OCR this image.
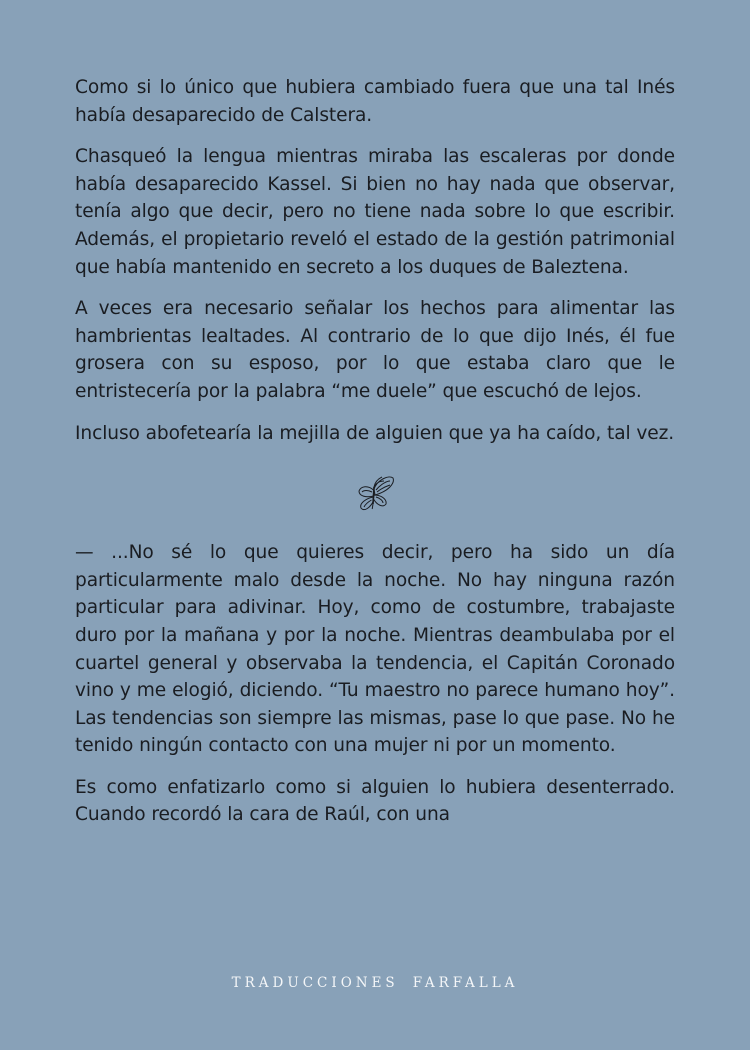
Como si lo único que hubiera cambiado fuera que una tal Inés había desaparecido de Calstera.

Chasqueó la lengua mientras miraba las escaleras por donde había desaparecido Kassel. Si bien no hay nada que observar, tenía algo que decir, pero no tiene nada sobre lo que escribir. Además, el propietario reveló el estado de la gestión patrimonial que había mantenido en secreto a los duques de Baleztena.

A veces era necesario señalar los hechos para alimentar las hambrientas lealtades. Al contrario de lo que dijo Inés, él fue grosera con su esposo, por lo que estaba claro que le entristecería por la palabra “me duele” que escuchó de lejos.

Incluso abofetearía la mejilla de alguien que ya ha caído, tal vez.

— ...No sé lo que quieres decir, pero ha sido un día particularmente malo desde la noche. No hay ninguna razón particular para adivinar. Hoy, como de costumbre, trabajaste duro por la mañana y por la noche. Mientras deambulaba por el cuartel general y observaba la tendencia, el Capitán Coronado vino y me elogió, diciendo. “Tu maestro no parece humano hoy”. Las tendencias son siempre las mismas, pase lo que pase. No he tenido ningún contacto con una mujer ni por un momento.

Es como enfatizarlo como si alguien lo hubiera desenterrado. Cuando recordó la cara de Raúl, con una

TRADUCCIONES FARFALLA
